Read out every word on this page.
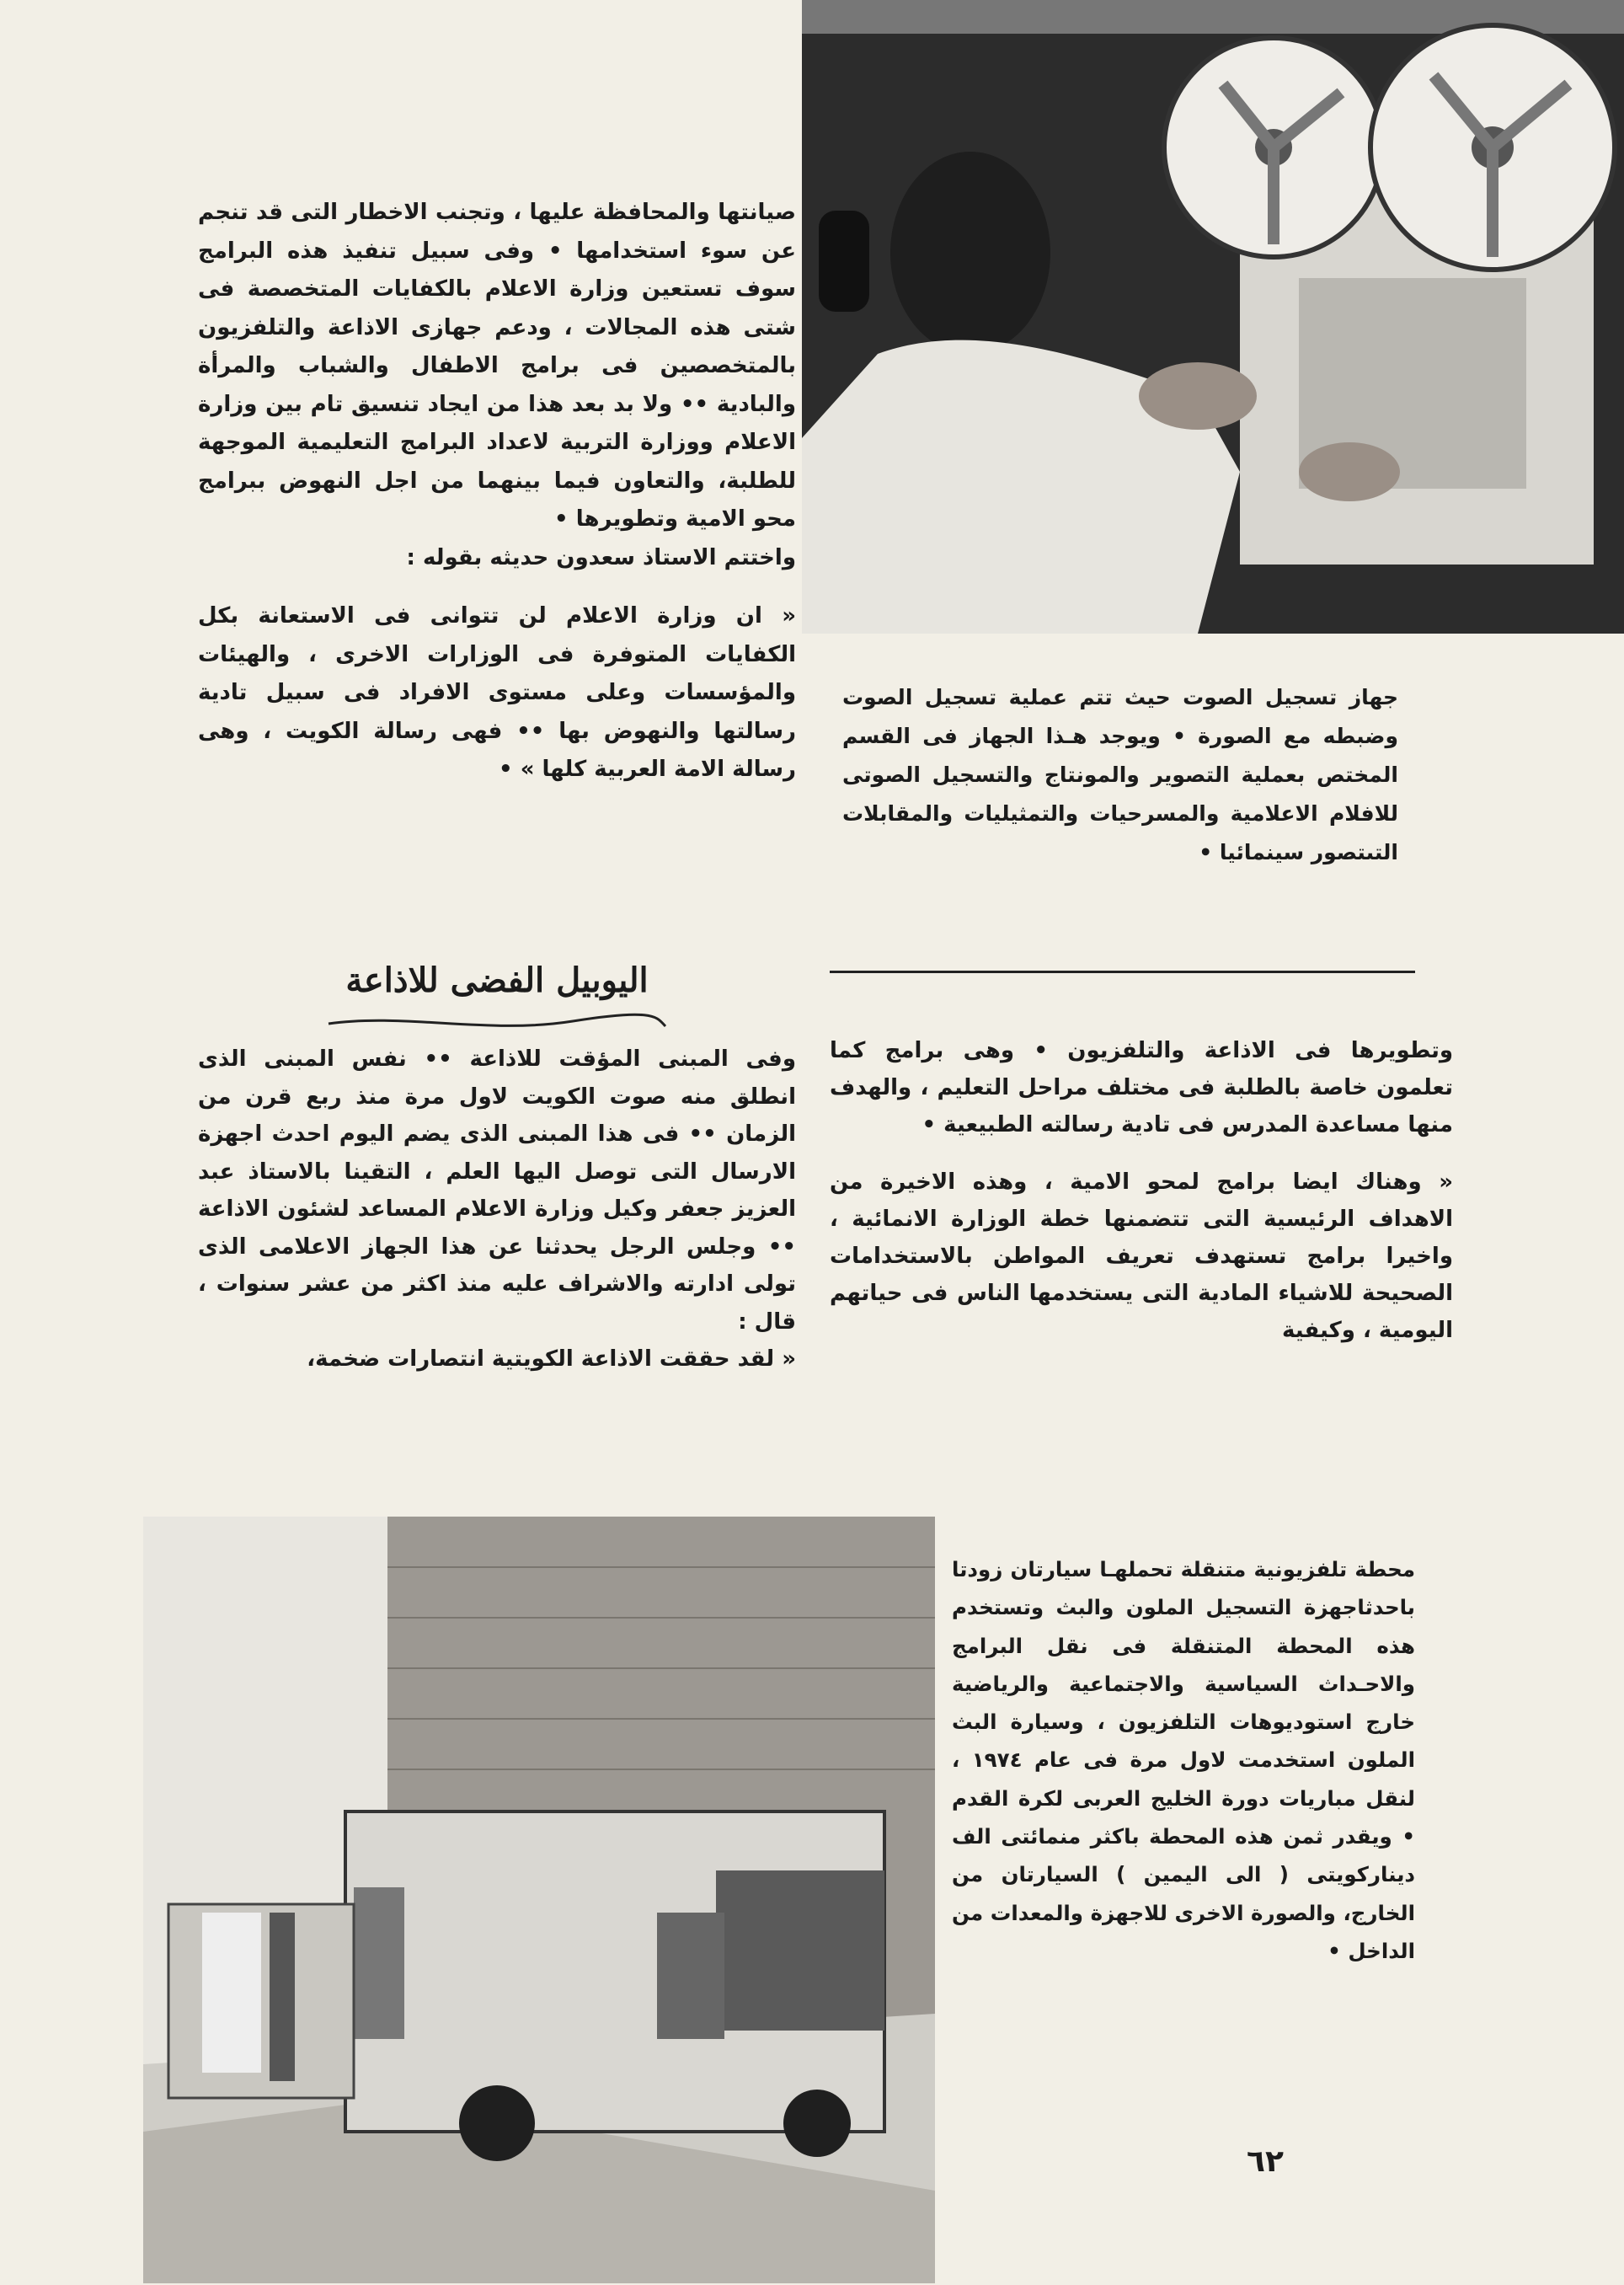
صيانتها والمحافظة عليها ، وتجنب الاخطار التى قد تنجم عن سوء استخدامها • وفى سبيل تنفيذ هذه البرامج سوف تستعين وزارة الاعلام بالكفايات المتخصصة فى شتى هذه المجالات ، ودعم جهازى الاذاعة والتلفزيون بالمتخصصين فى برامج الاطفال والشباب والمرأة والبادية •• ولا بد بعد هذا من ايجاد تنسيق تام بين وزارة الاعلام ووزارة التربية لاعداد البرامج التعليمية الموجهة للطلبة، والتعاون فيما بينهما من اجل النهوض ببرامج محو الامية وتطويرها •

واختتم الاستاذ سعدون حديثه بقوله :

« ان وزارة الاعلام لن تتوانى فى الاستعانة بكل الكفايات المتوفرة فى الوزارات الاخرى ، والهيئات والمؤسسات وعلى مستوى الافراد فى سبيل تادية رسالتها والنهوض بها •• فهى رسالة الكويت ، وهى رسالة الامة العربية كلها » •

جهاز تسجيل الصوت حيث تتم عملية تسجيل الصوت وضبطه مع الصورة • ويوجد هـذا الجهاز فى القسم المختص بعملية التصوير والمونتاج والتسجيل الصوتى للافلام الاعلامية والمسرحيات والتمثيليات والمقابلات التىتصور سينمائيا •

اليوبيل الفضى للاذاعة

وفى المبنى المؤقت للاذاعة •• نفس المبنى الذى انطلق منه صوت الكويت لاول مرة منذ ربع قرن من الزمان •• فى هذا المبنى الذى يضم اليوم احدث اجهزة الارسال التى توصل اليها العلم ، التقينا بالاستاذ عبد العزيز جعفر وكيل وزارة الاعلام المساعد لشئون الاذاعة •• وجلس الرجل يحدثنا عن هذا الجهاز الاعلامى الذى تولى ادارته والاشراف عليه منذ اكثر من عشر سنوات ، قال :

« لقد حققت الاذاعة الكويتية انتصارات ضخمة،

وتطويرها فى الاذاعة والتلفزيون • وهى برامج كما تعلمون خاصة بالطلبة فى مختلف مراحل التعليم ، والهدف منها مساعدة المدرس فى تادية رسالته الطبيعية •

« وهناك ايضا برامج لمحو الامية ، وهذه الاخيرة من الاهداف الرئيسية التى تتضمنها خطة الوزارة الانمائية ، واخيرا برامج تستهدف تعريف المواطن بالاستخدامات الصحيحة للاشياء المادية التى يستخدمها الناس فى حياتهم اليومية ، وكيفية

محطة تلفزيونية متنقلة تحملهـا سيارتان زودتا باحدثاجهزة التسجيل الملون والبث وتستخدم هذه المحطة المتنقلة فى نقل البرامج والاحـداث السياسية والاجتماعية والرياضية خارج استوديوهات التلفزيون ، وسيارة البث الملون استخدمت لاول مرة فى عام ١٩٧٤ ، لنقل مباريات دورة الخليج العربى لكرة القدم • ويقدر ثمن هذه المحطة باكثر منمائتى الف دیناركويتى ( الى اليمين ) السيارتان من الخارج، والصورة الاخرى للاجهزة والمعدات من الداخل •

٦٢
